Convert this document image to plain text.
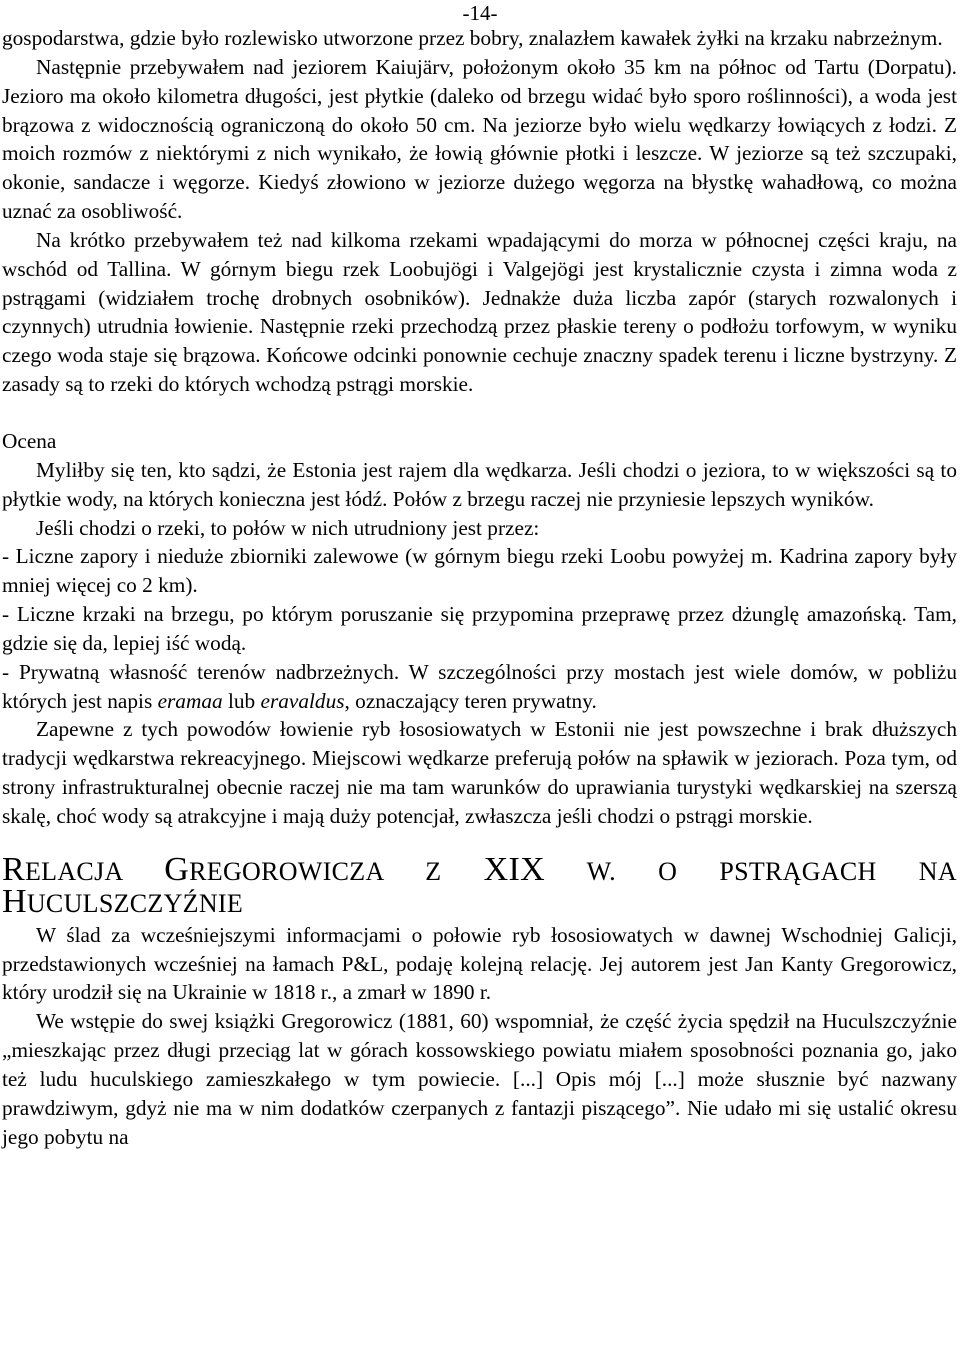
-14-

gospodarstwa, gdzie było rozlewisko utworzone przez bobry, znalazłem kawałek żyłki na krzaku nabrzeżnym.

Następnie przebywałem nad jeziorem Kaiujärv, położonym około 35 km na północ od Tartu (Dorpatu). Jezioro ma około kilometra długości, jest płytkie (daleko od brzegu widać było sporo roślinności), a woda jest brązowa z widocznością ograniczoną do około 50 cm. Na jeziorze było wielu wędkarzy łowiących z łodzi. Z moich rozmów z niektórymi z nich wynikało, że łowią głównie płotki i leszcze. W jeziorze są też szczupaki, okonie, sandacze i węgorze. Kiedyś złowiono w jeziorze dużego węgorza na błystkę wahadłową, co można uznać za osobliwość.

Na krótko przebywałem też nad kilkoma rzekami wpadającymi do morza w północnej części kraju, na wschód od Tallina. W górnym biegu rzek Loobujögi i Valgejögi jest krystalicznie czysta i zimna woda z pstrągami (widziałem trochę drobnych osobników). Jednakże duża liczba zapór (starych rozwalonych i czynnych) utrudnia łowienie. Następnie rzeki przechodzą przez płaskie tereny o podłożu torfowym, w wyniku czego woda staje się brązowa. Końcowe odcinki ponownie cechuje znaczny spadek terenu i liczne bystrzyny. Z zasady są to rzeki do których wchodzą pstrągi morskie.

Ocena

Myliłby się ten, kto sądzi, że Estonia jest rajem dla wędkarza. Jeśli chodzi o jeziora, to w większości są to płytkie wody, na których konieczna jest łódź. Połów z brzegu raczej nie przyniesie lepszych wyników.

Jeśli chodzi o rzeki, to połów w nich utrudniony jest przez:

- Liczne zapory i nieduże zbiorniki zalewowe (w górnym biegu rzeki Loobu powyżej m. Kadrina zapory były mniej więcej co 2 km).

- Liczne krzaki na brzegu, po którym poruszanie się przypomina przeprawę przez dżunglę amazońską. Tam, gdzie się da, lepiej iść wodą.

- Prywatną własność terenów nadbrzeżnych. W szczególności przy mostach jest wiele domów, w pobliżu których jest napis eramaa lub eravaldus, oznaczający teren prywatny.

Zapewne z tych powodów łowienie ryb łososiowatych w Estonii nie jest powszechne i brak dłuższych tradycji wędkarstwa rekreacyjnego. Miejscowi wędkarze preferują połów na spławik w jeziorach. Poza tym, od strony infrastrukturalnej obecnie raczej nie ma tam warunków do uprawiania turystyki wędkarskiej na szerszą skalę, choć wody są atrakcyjne i mają duży potencjał, zwłaszcza jeśli chodzi o pstrągi morskie.

RELACJA GREGOROWICZA Z XIX W. O PSTRĄGACH NA

HUCULSZCZYŹNIE

W ślad za wcześniejszymi informacjami o połowie ryb łososiowatych w dawnej Wschodniej Galicji, przedstawionych wcześniej na łamach P&L, podaję kolejną relację. Jej autorem jest Jan Kanty Gregorowicz, który urodził się na Ukrainie w 1818 r., a zmarł w 1890 r.

We wstępie do swej książki Gregorowicz (1881, 60) wspomniał, że część życia spędził na Huculszczyźnie „mieszkając przez długi przeciąg lat w górach kossowskiego powiatu miałem sposobności poznania go, jako też ludu huculskiego zamieszkałego w tym powiecie. [...] Opis mój [...] może słusznie być nazwany prawdziwym, gdyż nie ma w nim dodatków czerpanych z fantazji piszącego”. Nie udało mi się ustalić okresu jego pobytu na
